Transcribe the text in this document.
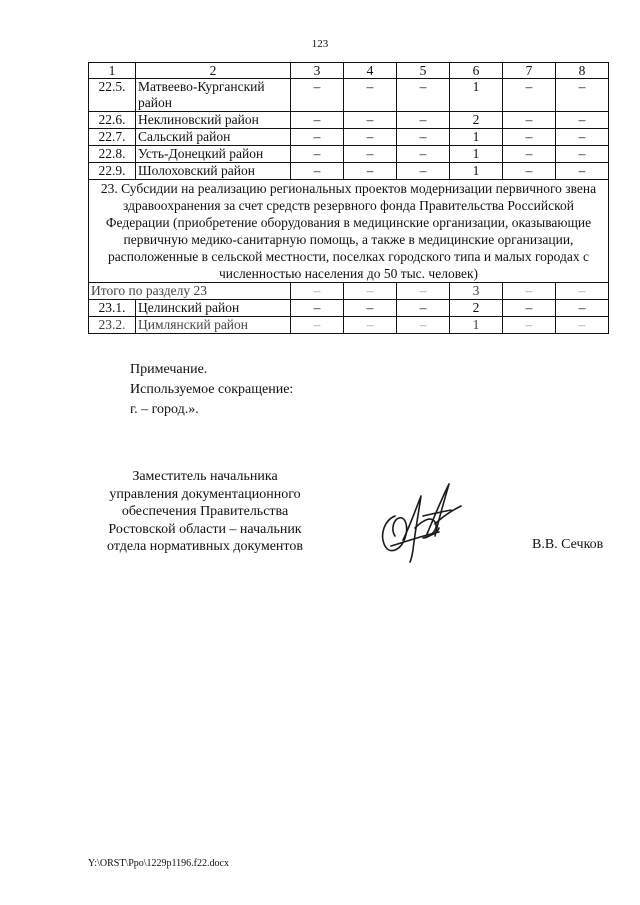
123
1	2	3	4	5	6	7	8
22.5.	Матвеево-Курганский район	–	–	–	1	–	–
22.6.	Неклиновский район	–	–	–	2	–	–
22.7.	Сальский район	–	–	–	1	–	–
22.8.	Усть-Донецкий район	–	–	–	1	–	–
22.9.	Шолоховский район	–	–	–	1	–	–
23. Субсидии на реализацию региональных проектов модернизации первичного звена здравоохранения за счет средств резервного фонда Правительства Российской Федерации (приобретение оборудования в медицинские организации, оказывающие первичную медико-санитарную помощь, а также в медицинские организации, расположенные в сельской местности, поселках городского типа и малых городах с численностью населения до 50 тыс. человек)							
Итого по разделу 23		–	–	–	3	–	–
23.1.	Целинский район	–	–	–	2	–	–
23.2.	Цимлянский район	–	–	–	1	–	–
Примечание.
Используемое сокращение:
г. – город.».
Заместитель начальника
управления документационного
обеспечения Правительства
Ростовской области – начальник
отдела нормативных документов	В.В. Сечков
Y:\ORST\Ppo\1229p1196.f22.docx
